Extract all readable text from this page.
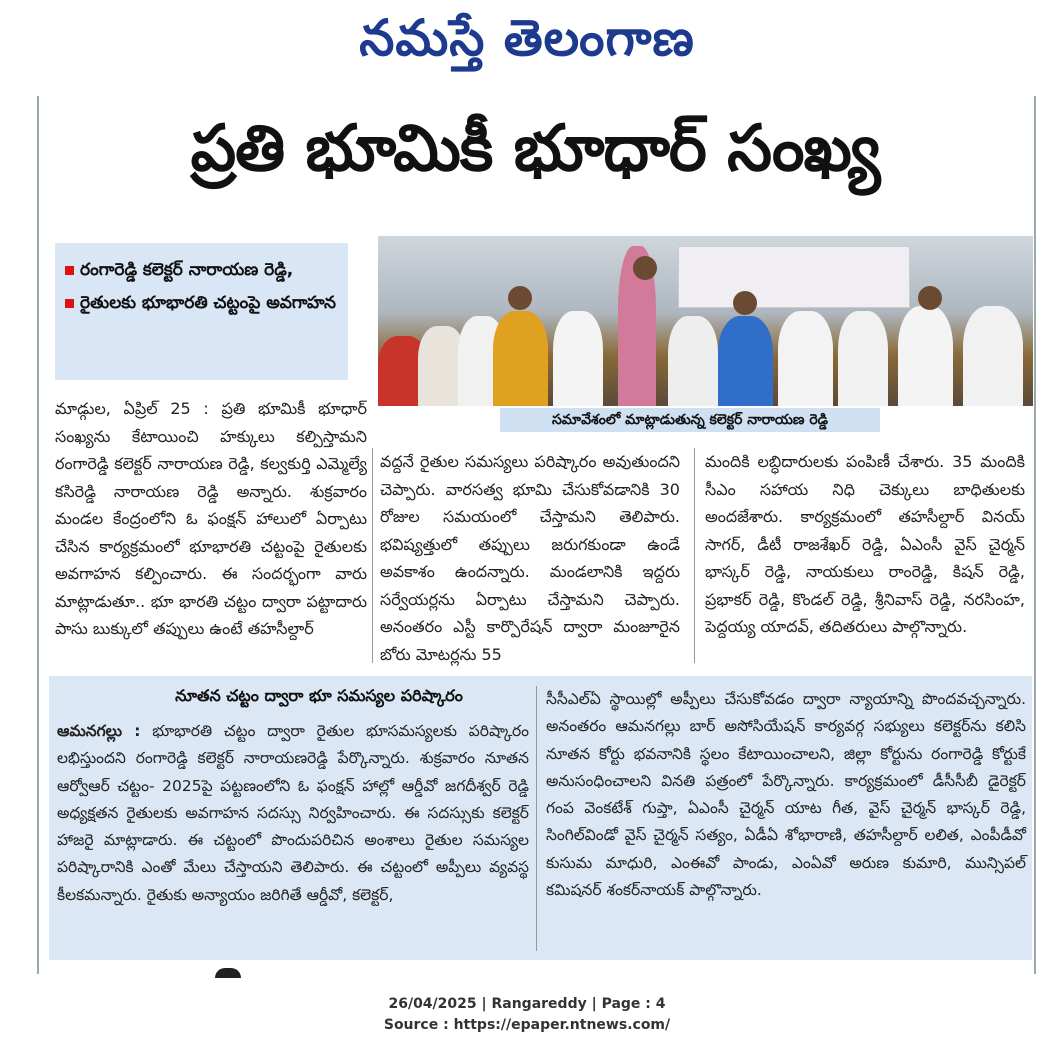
నమస్తే తెలంగాణ
ప్రతి భూమికీ భూధార్ సంఖ్య
రంగారెడ్డి కలెక్టర్ నారాయణ రెడ్డి,
రైతులకు భూభారతి చట్టంపై అవగాహన
సమావేశంలో మాట్లాడుతున్న కలెక్టర్ నారాయణ రెడ్డి
మాడ్గుల, ఏప్రిల్ 25 : ప్రతి భూమికీ భూధార్ సంఖ్యను కేటాయించి హక్కులు కల్పిస్తామని రంగారెడ్డి కలెక్టర్ నారాయణ రెడ్డి, కల్వకుర్తి ఎమ్మెల్యే కసిరెడ్డి నారాయణ రెడ్డి అన్నారు. శుక్రవారం మండల కేంద్రంలోని ఓ ఫంక్షన్ హాలులో ఏర్పాటు చేసిన కార్యక్రమంలో భూభారతి చట్టంపై రైతులకు అవగాహన కల్పించారు. ఈ సందర్భంగా వారు మాట్లాడుతూ.. భూ భారతి చట్టం ద్వారా పట్టాదారు పాసు బుక్కులో తప్పులు ఉంటే తహసీల్దార్
వద్దనే రైతుల సమస్యలు పరిష్కారం అవుతుందని చెప్పారు. వారసత్వ భూమి చేసుకోవడానికి 30 రోజుల సమయంలో చేస్తామని తెలిపారు. భవిష్యత్తులో తప్పులు జరుగకుండా ఉండే అవకాశం ఉందన్నారు. మండలానికి ఇద్దరు సర్వేయర్లను ఏర్పాటు చేస్తామని చెప్పారు. అనంతరం ఎస్టీ కార్పొరేషన్ ద్వారా మంజూరైన బోరు మోటర్లను 55
మందికి లబ్ధిదారులకు పంపిణీ చేశారు. 35 మందికి సీఎం సహాయ నిధి చెక్కులు బాధితులకు అందజేశారు. కార్యక్రమంలో తహసీల్దార్ వినయ్ సాగర్, డీటీ రాజశేఖర్ రెడ్డి, ఏఎంసీ వైస్ చైర్మన్ భాస్కర్ రెడ్డి, నాయకులు రాంరెడ్డి, కిషన్ రెడ్డి, ప్రభాకర్ రెడ్డి, కొండల్ రెడ్డి, శ్రీనివాస్ రెడ్డి, నరసింహ, పెద్దయ్య యాదవ్, తదితరులు పాల్గొన్నారు.
నూతన చట్టం ద్వారా భూ సమస్యల పరిష్కారం
ఆమనగల్లు : భూభారతి చట్టం ద్వారా రైతుల భూసమస్యలకు పరిష్కారం లభిస్తుందని రంగారెడ్డి కలెక్టర్ నారాయణరెడ్డి పేర్కొన్నారు. శుక్రవారం నూతన ఆర్వోఆర్ చట్టం- 2025పై పట్టణంలోని ఓ ఫంక్షన్ హాల్లో ఆర్డీవో జగదీశ్వర్ రెడ్డి అధ్యక్షతన రైతులకు అవగాహన సదస్సు నిర్వహించారు. ఈ సదస్సుకు కలెక్టర్ హాజరై మాట్లాడారు. ఈ చట్టంలో పొందుపరిచిన అంశాలు రైతుల సమస్యల పరిష్కారానికి ఎంతో మేలు చేస్తాయని తెలిపారు. ఈ చట్టంలో అప్పీలు వ్యవస్థ కీలకమన్నారు. రైతుకు అన్యాయం జరిగితే ఆర్డీవో, కలెక్టర్,
సీసీఎల్ఏ స్థాయిల్లో అప్పీలు చేసుకోవడం ద్వారా న్యాయాన్ని పొందవచ్చన్నారు. అనంతరం ఆమనగల్లు బార్ అసోసియేషన్ కార్యవర్గ సభ్యులు కలెక్టర్‌ను కలిసి నూతన కోర్టు భవనానికి స్థలం కేటాయించాలని, జిల్లా కోర్టును రంగారెడ్డి కోర్టుకే అనుసంధించాలని వినతి పత్రంలో పేర్కొన్నారు. కార్యక్రమంలో డీసీసీబీ డైరెక్టర్ గంప వెంకటేశ్ గుప్తా, ఏఎంసీ చైర్మన్ యాట గీత, వైస్ చైర్మన్ భాస్కర్ రెడ్డి, సింగిల్‌విండో వైస్ చైర్మన్ సత్యం, ఏడీఏ శోభారాణి, తహసీల్దార్ లలిత, ఎంపీడీవో కుసుమ మాధురి, ఎంఈవో పాండు, ఎంఏవో అరుణ కుమారి, మున్సిపల్ కమిషనర్ శంకర్‌నాయక్ పాల్గొన్నారు.
26/04/2025 | Rangareddy | Page : 4
Source : https://epaper.ntnews.com/
